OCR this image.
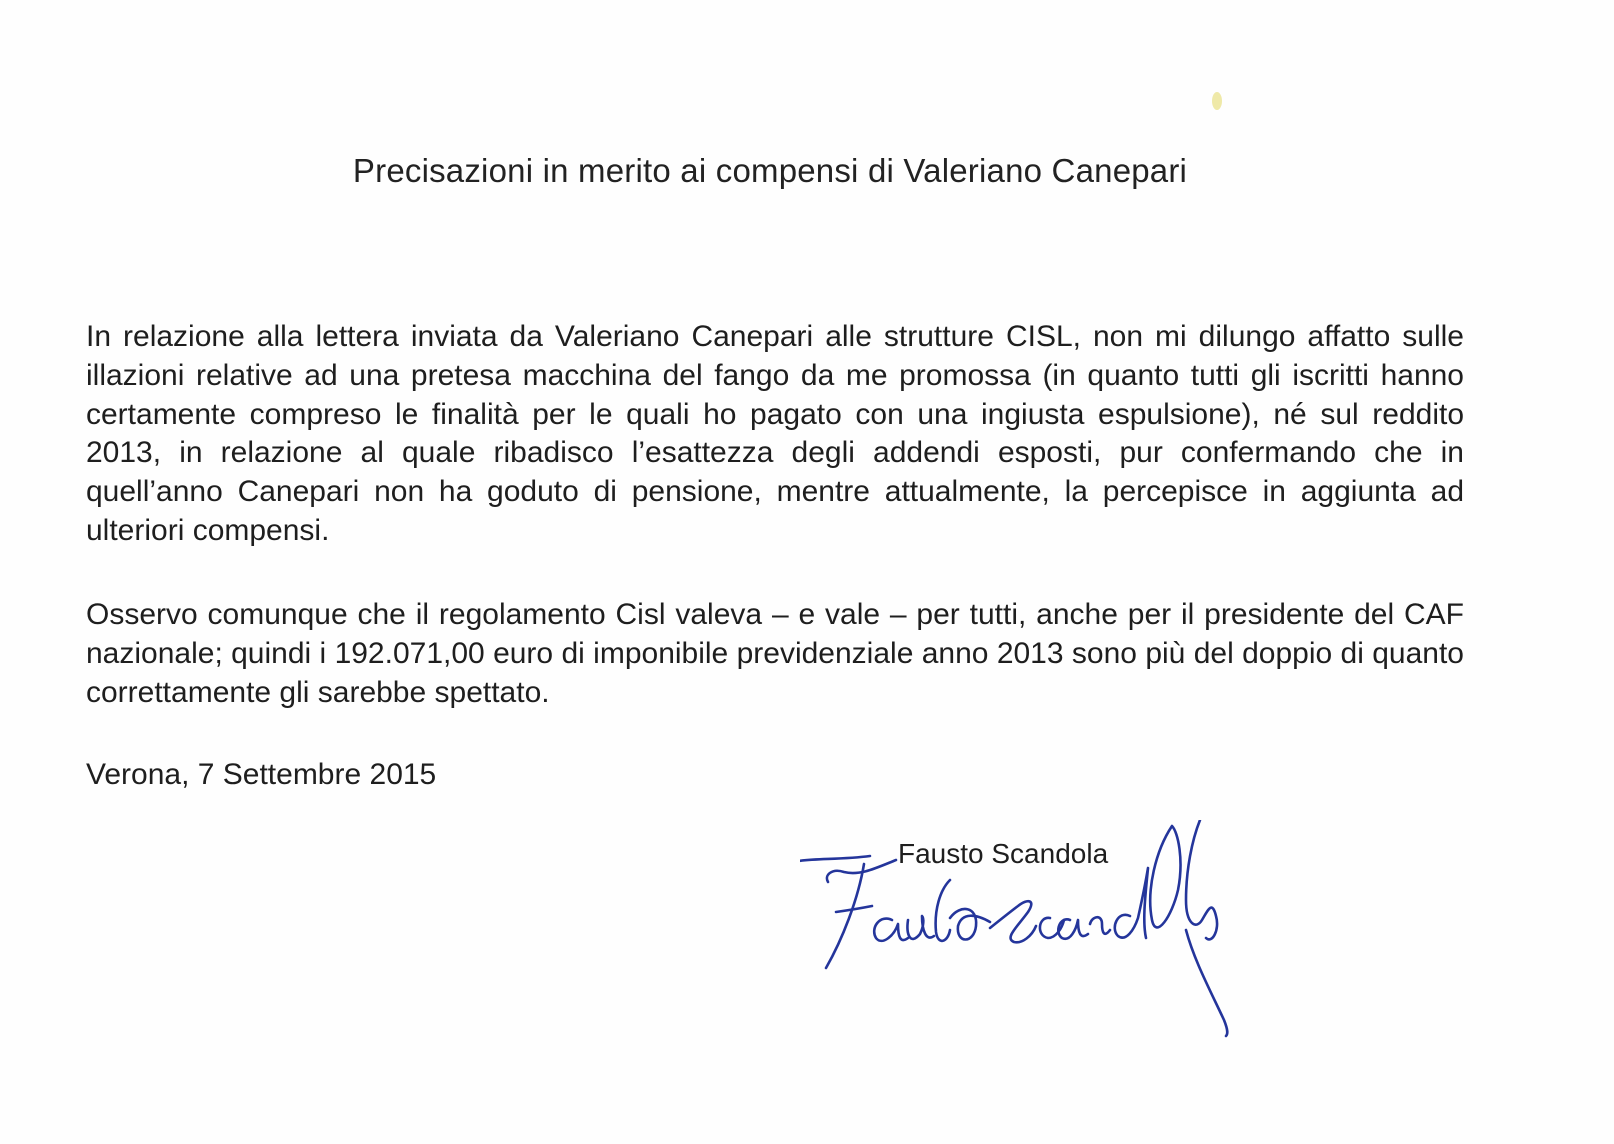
Precisazioni in merito ai compensi di Valeriano Canepari
In relazione alla lettera inviata da Valeriano Canepari alle strutture CISL, non mi dilungo affatto sulle illazioni relative ad una pretesa macchina del fango da me promossa (in quanto tutti gli iscritti hanno certamente compreso le finalità per le quali ho pagato con una ingiusta espulsione), né sul reddito 2013, in relazione al quale ribadisco l’esattezza degli addendi esposti, pur confermando che in quell’anno Canepari non ha goduto di pensione, mentre attualmente, la percepisce in aggiunta ad ulteriori compensi.
Osservo comunque che il regolamento Cisl valeva – e vale – per tutti, anche per il presidente del CAF nazionale; quindi i 192.071,00 euro di imponibile previdenziale anno 2013 sono più del doppio di quanto correttamente gli sarebbe spettato.
Verona, 7 Settembre 2015
Fausto Scandola
